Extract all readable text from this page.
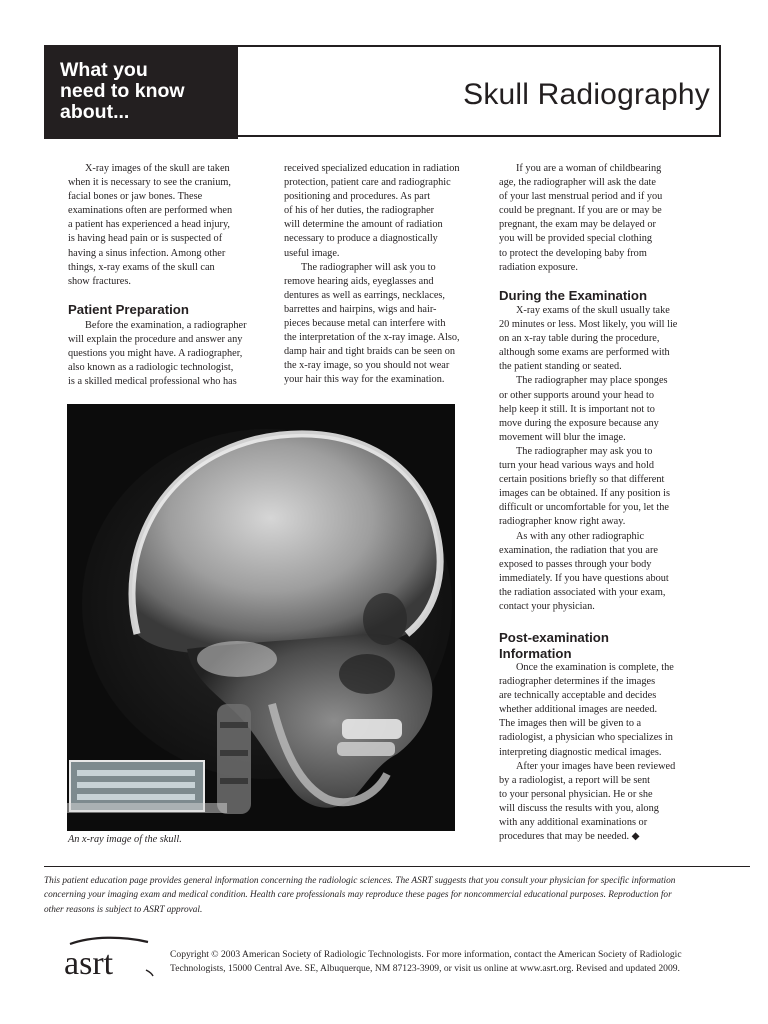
What you
need to know
about...
Skull Radiography
X-ray images of the skull are taken
when it is necessary to see the cranium,
facial bones or jaw bones. These
examinations often are performed when
a patient has experienced a head injury,
is having head pain or is suspected of
having a sinus infection. Among other
things, x-ray exams of the skull can
show fractures.
Patient Preparation
Before the examination, a radiographer
will explain the procedure and answer any
questions you might have. A radiographer,
also known as a radiologic technologist,
is a skilled medical professional who has
received specialized education in radiation
protection, patient care and radiographic
positioning and procedures. As part
of his of her duties, the radiographer
will determine the amount of radiation
necessary to produce a diagnostically
useful image.
The radiographer will ask you to
remove hearing aids, eyeglasses and
dentures as well as earrings, necklaces,
barrettes and hairpins, wigs and hair-
pieces because metal can interfere with
the interpretation of the x-ray image. Also,
damp hair and tight braids can be seen on
the x-ray image, so you should not wear
your hair this way for the examination.
If you are a woman of childbearing
age, the radiographer will ask the date
of your last menstrual period and if you
could be pregnant. If you are or may be
pregnant, the exam may be delayed or
you will be provided special clothing
to protect the developing baby from
radiation exposure.
During the Examination
X-ray exams of the skull usually take
20 minutes or less. Most likely, you will lie
on an x-ray table during the procedure,
although some exams are performed with
the patient standing or seated.
The radiographer may place sponges
or other supports around your head to
help keep it still. It is important not to
move during the exposure because any
movement will blur the image.
The radiographer may ask you to
turn your head various ways and hold
certain positions briefly so that different
images can be obtained. If any position is
difficult or uncomfortable for you, let the
radiographer know right away.
As with any other radiographic
examination, the radiation that you are
exposed to passes through your body
immediately. If you have questions about
the radiation associated with your exam,
contact your physician.
Post-examination
Information
Once the examination is complete, the
radiographer determines if the images
are technically acceptable and decides
whether additional images are needed.
The images then will be given to a
radiologist, a physician who specializes in
interpreting diagnostic medical images.
After your images have been reviewed
by a radiologist, a report will be sent
to your personal physician. He or she
will discuss the results with you, along
with any additional examinations or
procedures that may be needed. ◆
An x-ray image of the skull.
This patient education page provides general information concerning the radiologic sciences. The ASRT suggests that you consult your physician for specific information
concerning your imaging exam and medical condition. Health care professionals may reproduce these pages for noncommercial educational purposes. Reproduction for
other reasons is subject to ASRT approval.
asrt	Copyright © 2003 American Society of Radiologic Technologists. For more information, contact the American Society of Radiologic
Technologists, 15000 Central Ave. SE, Albuquerque, NM 87123-3909, or visit us online at www.asrt.org. Revised and updated 2009.
